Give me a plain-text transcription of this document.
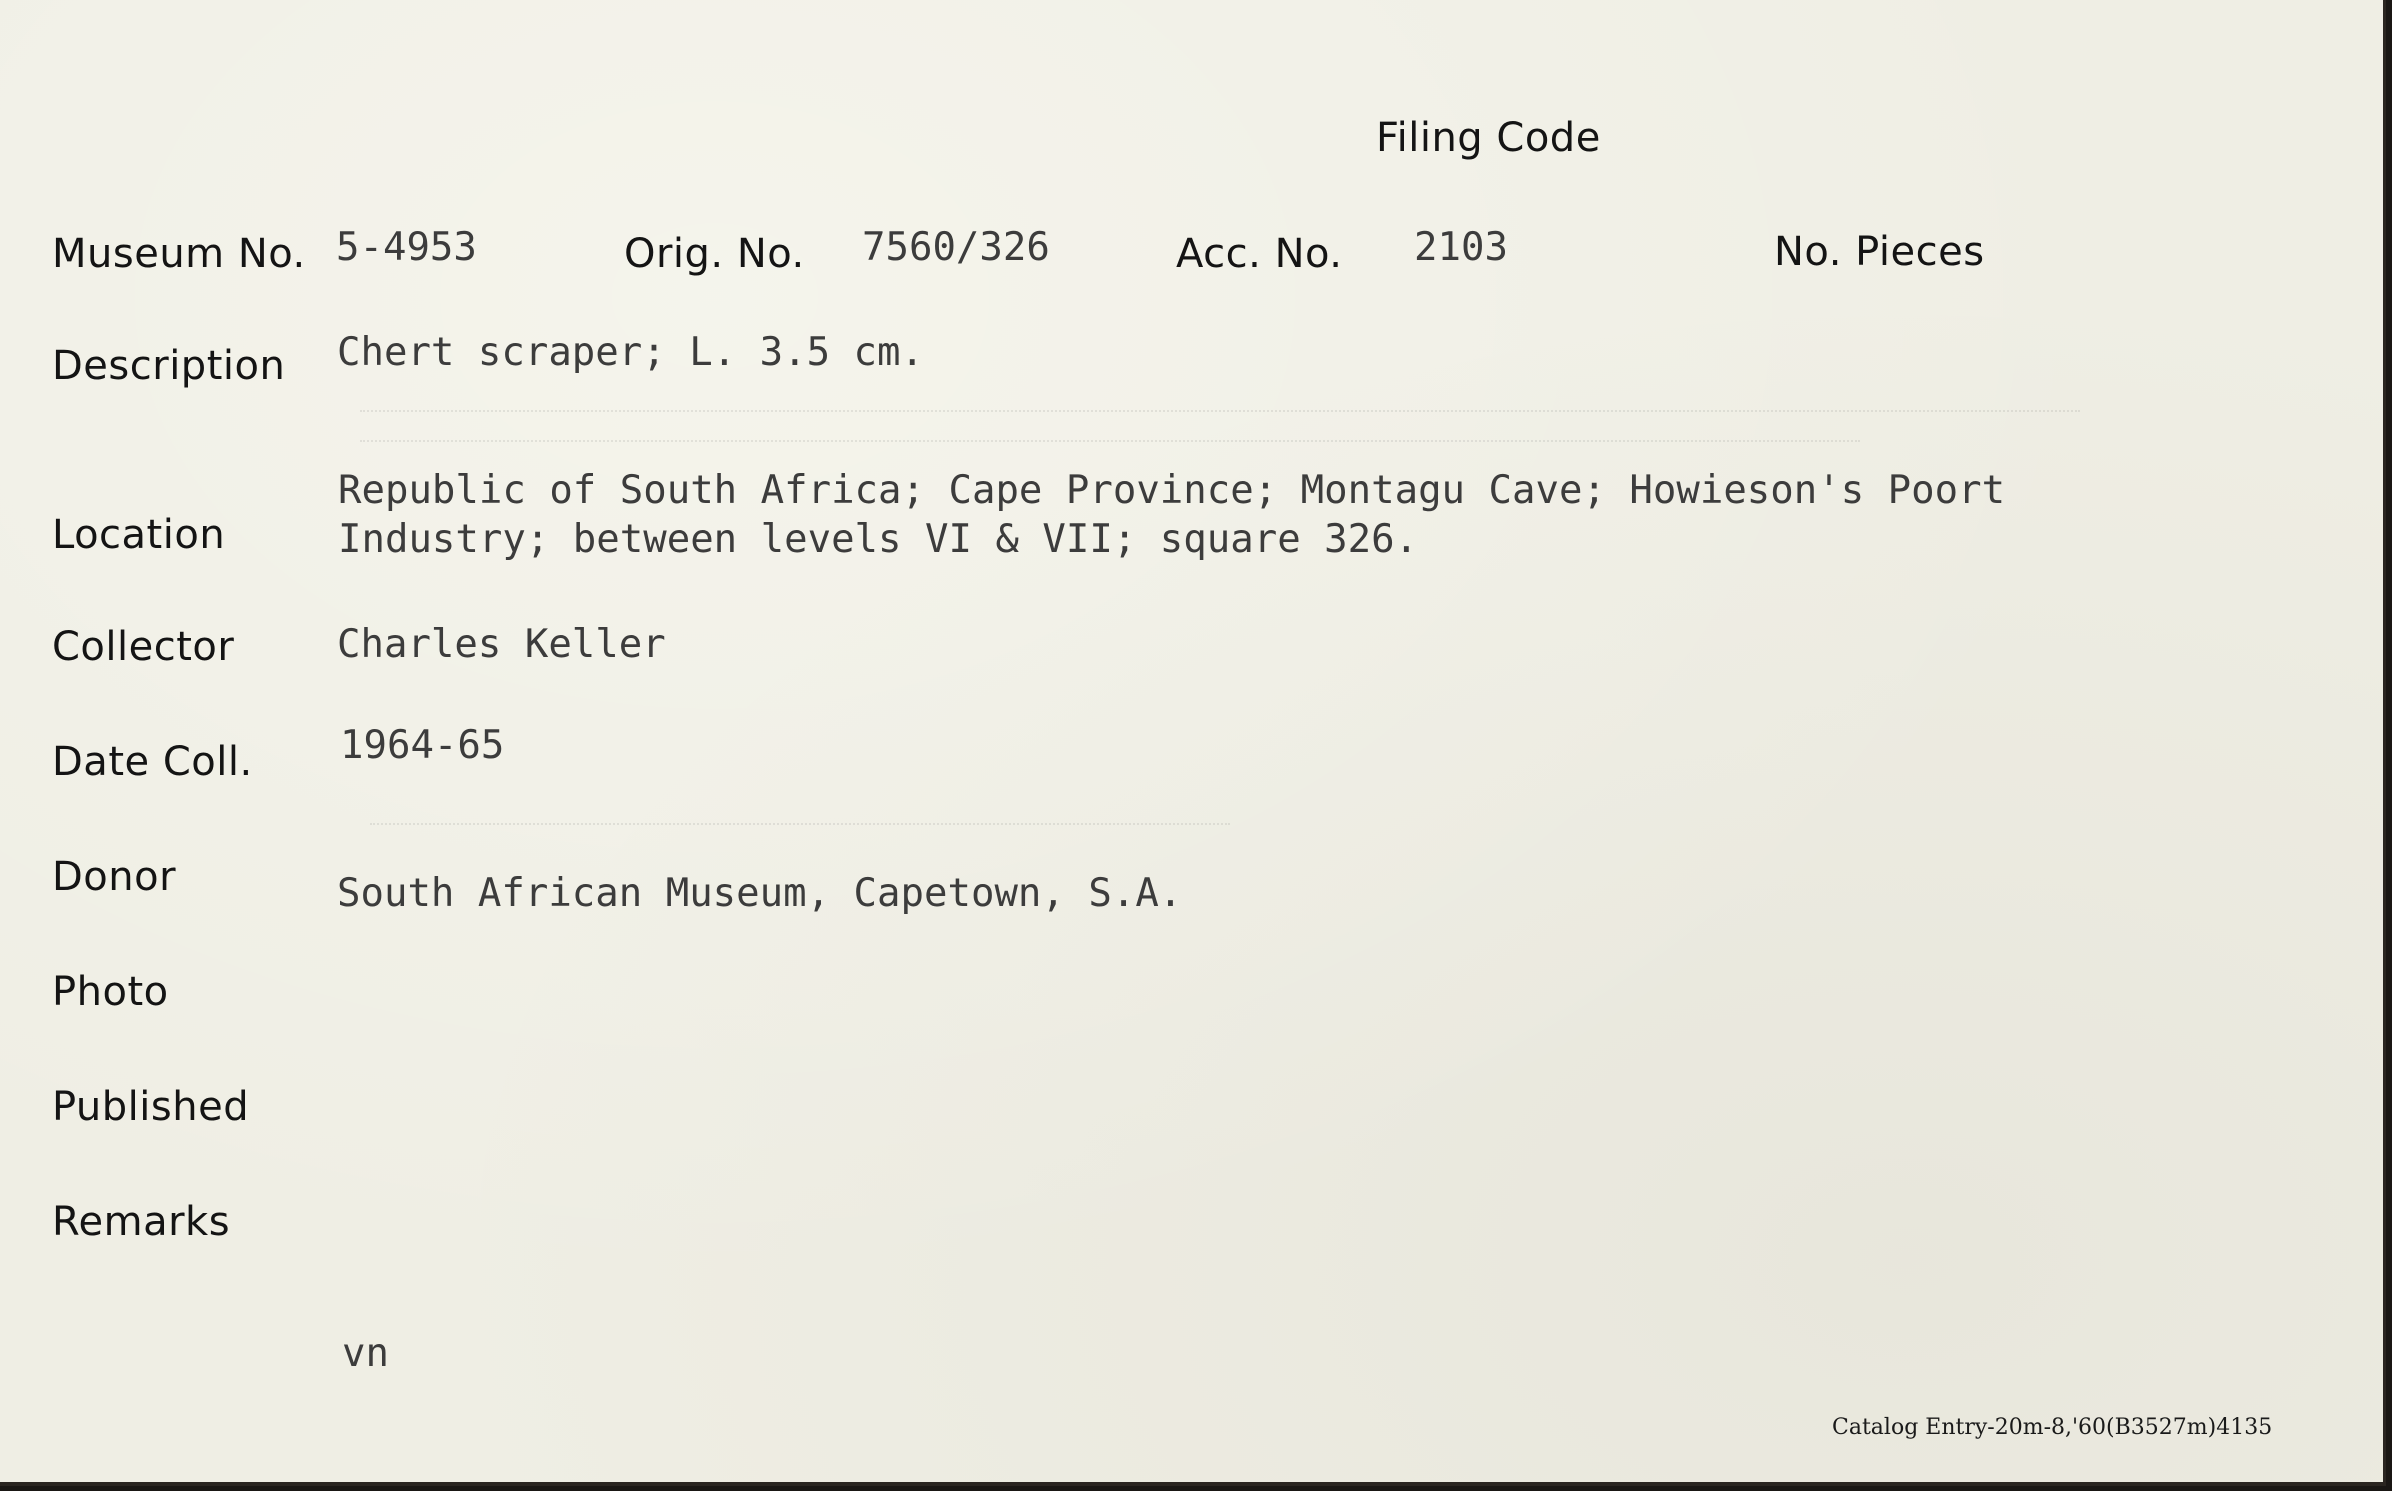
Filing Code
Museum No. 5-4953	Orig. No. 7560/326	Acc. No. 2103	No. Pieces
Description Chert scraper; L. 3.5 cm.
Location
Republic of South Africa; Cape Province; Montagu Cave; Howieson's Poort
Industry; between levels VI & VII; square 326.
Collector	Charles Keller
Date Coll. 1964-65
Donor	South African Museum, Capetown, S.A.
Photo
Published
Remarks
vn
Catalog Entry-20m-8,'60(B3527m)4135
